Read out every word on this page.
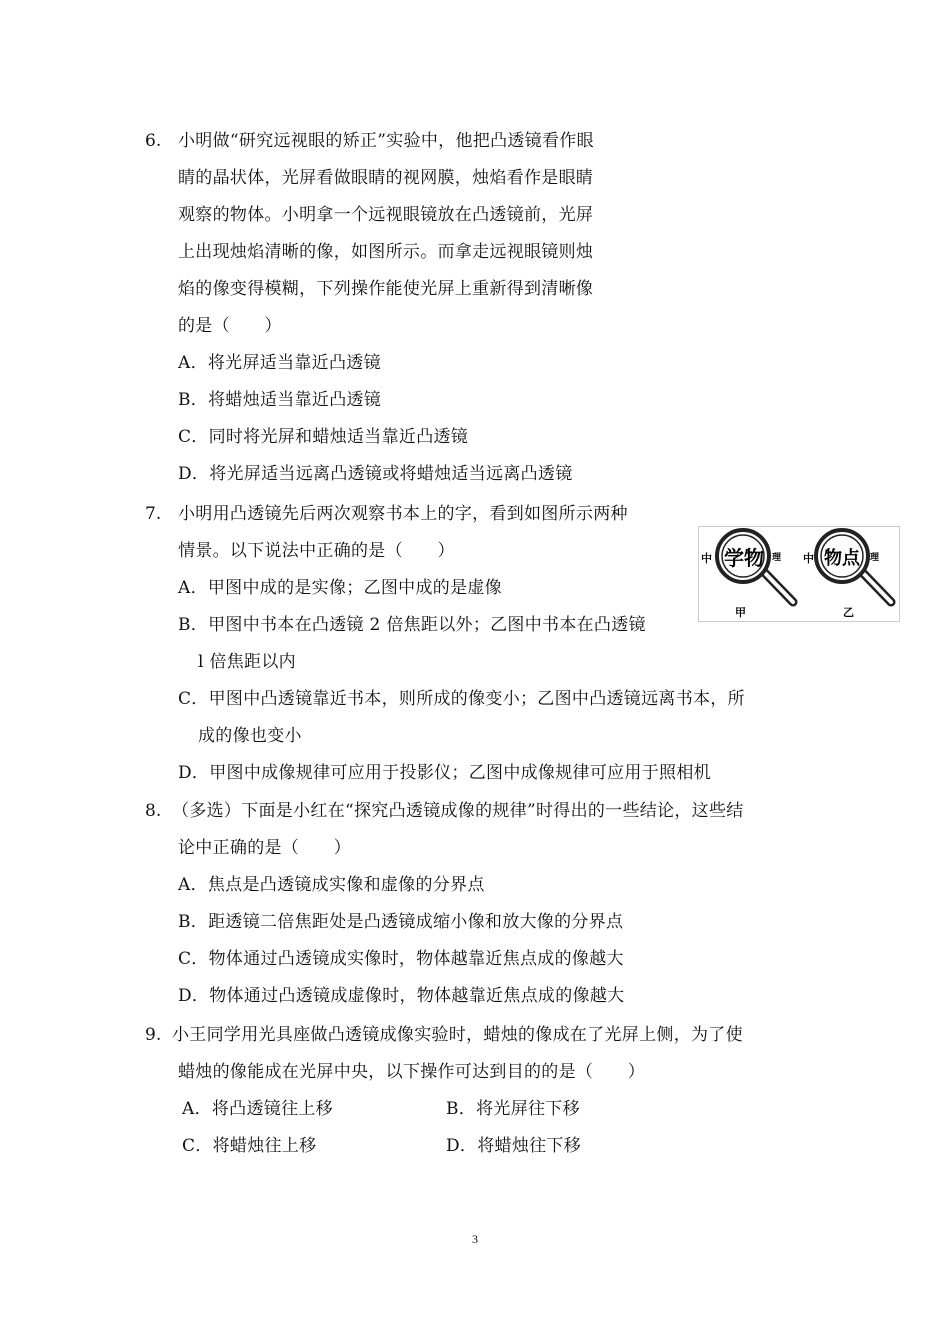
6. 小明做“研究远视眼的矫正”实验中，他把凸透镜看作眼
睛的晶状体，光屏看做眼睛的视网膜，烛焰看作是眼睛
观察的物体。小明拿一个远视眼镜放在凸透镜前，光屏
上出现烛焰清晰的像，如图所示。而拿走远视眼镜则烛
焰的像变得模糊，下列操作能使光屏上重新得到清晰像
的是（　　）
A．将光屏适当靠近凸透镜
B．将蜡烛适当靠近凸透镜
C．同时将光屏和蜡烛适当靠近凸透镜
D．将光屏适当远离凸透镜或将蜡烛适当远离凸透镜
7. 小明用凸透镜先后两次观察书本上的字，看到如图所示两种
情景。以下说法中正确的是（　　）
A．甲图中成的是实像；乙图中成的是虚像
B．甲图中书本在凸透镜 2 倍焦距以外；乙图中书本在凸透镜
l 倍焦距以内
C．甲图中凸透镜靠近书本，则所成的像变小；乙图中凸透镜远离书本，所
成的像也变小
D．甲图中成像规律可应用于投影仪；乙图中成像规律可应用于照相机
中 学物 理
甲
中 物点 理
乙
8. （多选）下面是小红在“探究凸透镜成像的规律”时得出的一些结论，这些结
论中正确的是（　　）
A．焦点是凸透镜成实像和虚像的分界点
B．距透镜二倍焦距处是凸透镜成缩小像和放大像的分界点
C．物体通过凸透镜成实像时，物体越靠近焦点成的像越大
D．物体通过凸透镜成虚像时，物体越靠近焦点成的像越大
9. 小王同学用光具座做凸透镜成像实验时，蜡烛的像成在了光屏上侧，为了使
蜡烛的像能成在光屏中央，以下操作可达到目的的是（　　）
A．将凸透镜往上移	B．将光屏往下移
C．将蜡烛往上移	D．将蜡烛往下移
3
